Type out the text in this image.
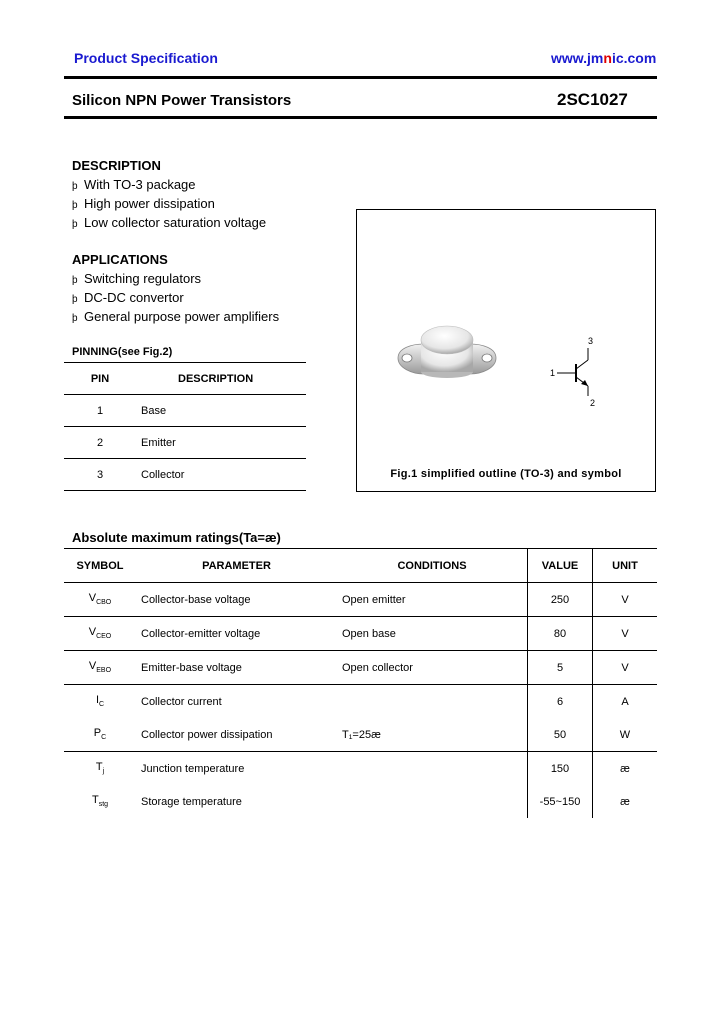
Product Specification	www.jmnic.com
Silicon NPN Power Transistors	2SC1027
DESCRIPTION
þ With TO-3 package
þ High power dissipation
þ Low collector saturation voltage
APPLICATIONS
þ Switching regulators
þ DC-DC convertor
þ General purpose power amplifiers
PINNING(see Fig.2)
PIN	DESCRIPTION
1	Base
2	Emitter
3	Collector
1
3
2
Fig.1 simplified outline (TO-3) and symbol
Absolute maximum ratings(Ta=æ)
SYMBOL	PARAMETER	CONDITIONS	VALUE	UNIT
$V_{CBO}$	Collector-base voltage	Open emitter	250	V
$V_{CEO}$	Collector-emitter voltage	Open base	80	V
$V_{EBO}$	Emitter-base voltage	Open collector	5	V
$I_C$	Collector current		6	A
$P_C$	Collector power dissipation	T₁=25æ	50	W
$T_j$	Junction temperature		150	æ
$T_{stg}$	Storage temperature		-55~150	æ
